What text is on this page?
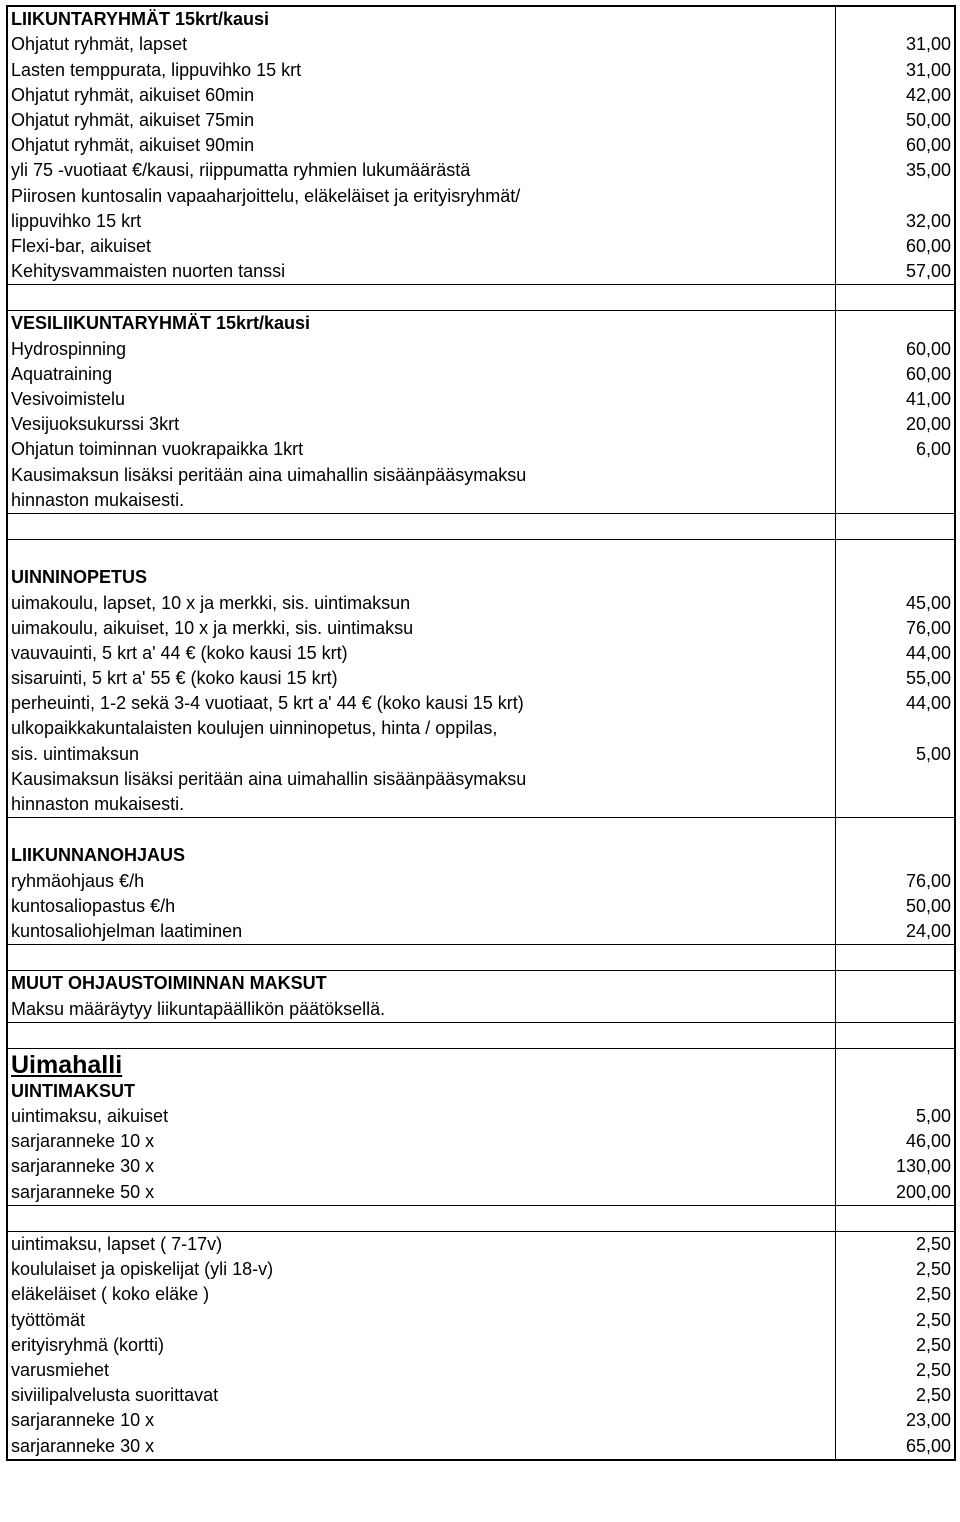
LIIKUNTARYHMÄT 15krt/kausi	
Ohjatut ryhmät, lapset	31,00
Lasten temppurata, lippuvihko 15 krt	31,00
Ohjatut ryhmät, aikuiset 60min	42,00
Ohjatut ryhmät, aikuiset 75min	50,00
Ohjatut ryhmät, aikuiset 90min	60,00
yli 75 -vuotiaat €/kausi, riippumatta ryhmien lukumäärästä	35,00
Piirosen kuntosalin vapaaharjoittelu, eläkeläiset ja erityisryhmät/	
lippuvihko 15 krt	32,00
Flexi-bar, aikuiset	60,00
Kehitysvammaisten nuorten tanssi	57,00

VESILIIKUNTARYHMÄT 15krt/kausi	
Hydrospinning	60,00
Aquatraining	60,00
Vesivoimistelu	41,00
Vesijuoksukurssi 3krt	20,00
Ohjatun toiminnan vuokrapaikka 1krt	6,00
Kausimaksun lisäksi peritään aina uimahallin sisäänpääsymaksu	
hinnaston mukaisesti.	

UINNINOPETUS	
uimakoulu, lapset, 10 x ja merkki, sis. uintimaksun	45,00
uimakoulu, aikuiset, 10 x ja merkki, sis. uintimaksu	76,00
vauvauinti, 5 krt a' 44 € (koko kausi 15 krt)	44,00
sisaruinti, 5 krt a' 55 € (koko kausi 15 krt)	55,00
perheuinti, 1-2 sekä 3-4 vuotiaat, 5 krt a' 44 € (koko kausi 15 krt)	44,00
ulkopaikkakuntalaisten koulujen uinninopetus, hinta / oppilas,	
sis. uintimaksun	5,00
Kausimaksun lisäksi peritään aina uimahallin sisäänpääsymaksu	
hinnaston mukaisesti.	

LIIKUNNANOHJAUS	
ryhmäohjaus €/h	76,00
kuntosaliopastus €/h	50,00
kuntosaliohjelman laatiminen	24,00

MUUT OHJAUSTOIMINNAN MAKSUT	
Maksu määräytyy liikuntapäällikön päätöksellä.	

Uimahalli	
UINTIMAKSUT	
uintimaksu, aikuiset	5,00
sarjaranneke 10 x	46,00
sarjaranneke 30 x	130,00
sarjaranneke 50 x	200,00

uintimaksu, lapset ( 7-17v)	2,50
koululaiset ja opiskelijat (yli 18-v)	2,50
eläkeläiset ( koko eläke )	2,50
työttömät	2,50
erityisryhmä (kortti)	2,50
varusmiehet	2,50
siviilipalvelusta suorittavat	2,50
sarjaranneke 10 x	23,00
sarjaranneke 30 x	65,00
